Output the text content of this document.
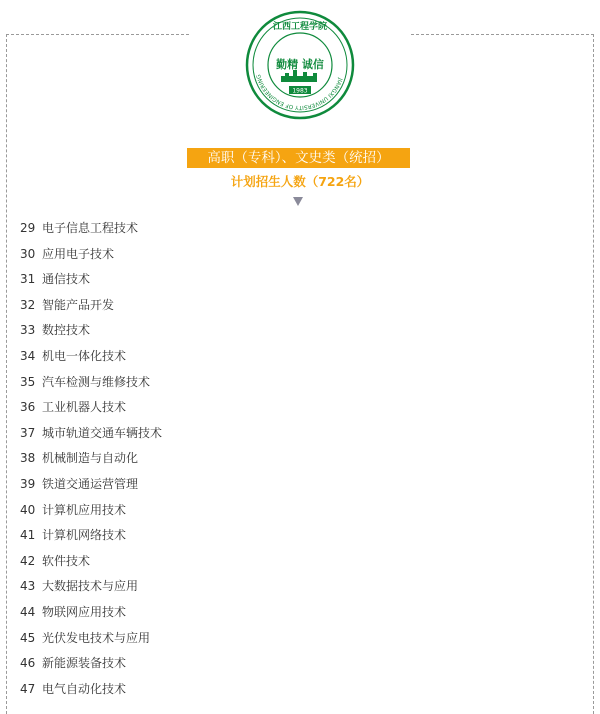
江西工程学院
JIANGXI UNIVERSITY OF ENGINEERING
勤精 诚信
1983
高职（专科）、文史类（统招）
计划招生人数（722名）
29 电子信息工程技术
30 应用电子技术
31 通信技术
32 智能产品开发
33 数控技术
34 机电一体化技术
35 汽车检测与维修技术
36 工业机器人技术
37 城市轨道交通车辆技术
38 机械制造与自动化
39 铁道交通运营管理
40 计算机应用技术
41 计算机网络技术
42 软件技术
43 大数据技术与应用
44 物联网应用技术
45 光伏发电技术与应用
46 新能源装备技术
47 电气自动化技术
